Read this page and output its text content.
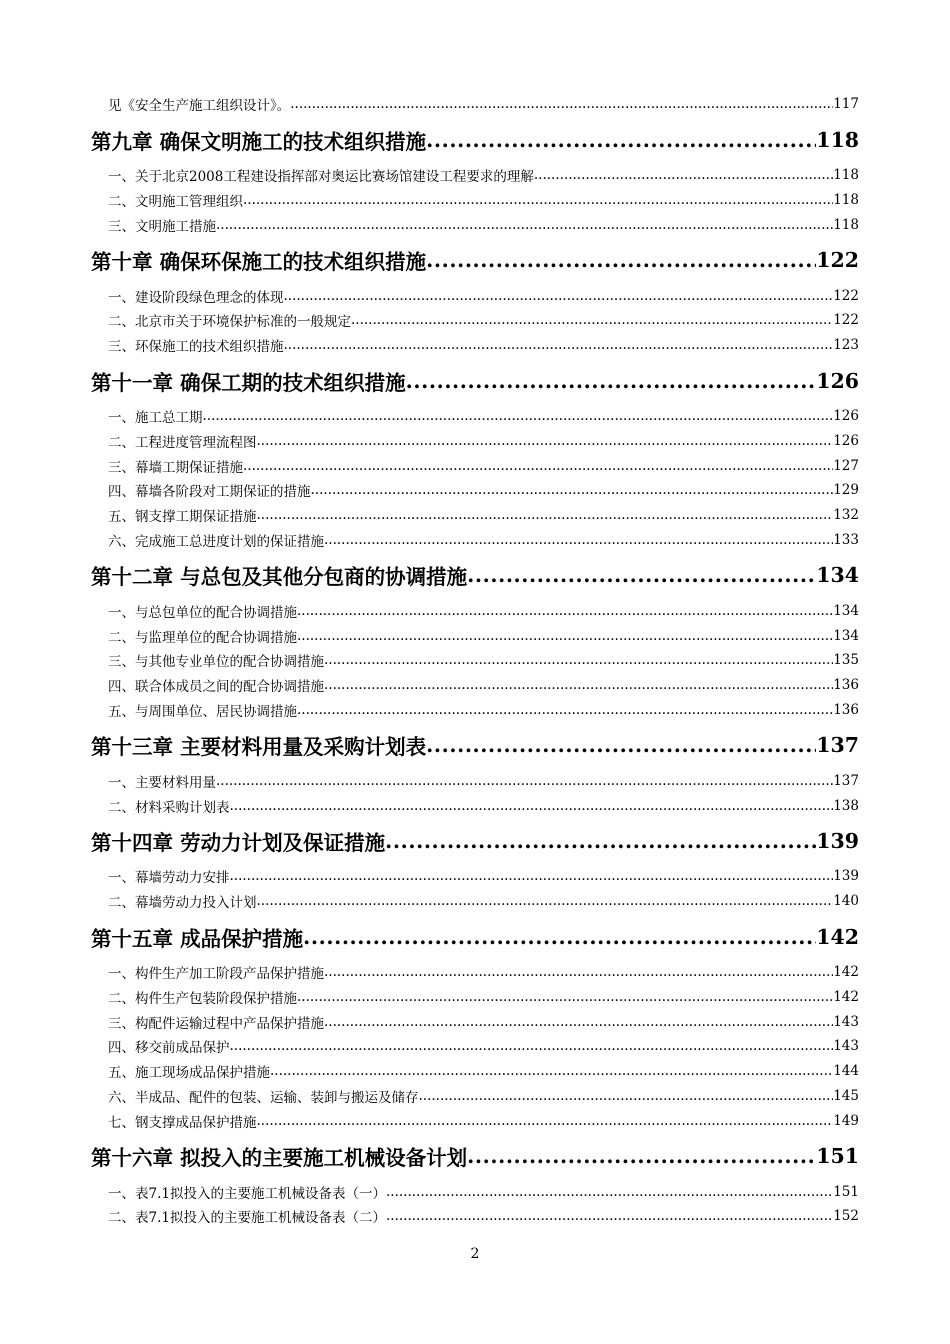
见《安全生产施工组织设计》。 .....	117
第九章 确保文明施工的技术组织措施 .....	118
一、关于北京2008工程建设指挥部对奥运比赛场馆建设工程要求的理解 .....	118
二、文明施工管理组织 .....	118
三、文明施工措施 .....	118
第十章 确保环保施工的技术组织措施 .....	122
一、建设阶段绿色理念的体现 .....	122
二、北京市关于环境保护标准的一般规定 .....	122
三、环保施工的技术组织措施 .....	123
第十一章 确保工期的技术组织措施 .....	126
一、施工总工期 .....	126
二、工程进度管理流程图 .....	126
三、幕墙工期保证措施 .....	127
四、幕墙各阶段对工期保证的措施 .....	129
五、钢支撑工期保证措施 .....	132
六、完成施工总进度计划的保证措施 .....	133
第十二章 与总包及其他分包商的协调措施 .....	134
一、与总包单位的配合协调措施 .....	134
二、与监理单位的配合协调措施 .....	134
三、与其他专业单位的配合协调措施 .....	135
四、联合体成员之间的配合协调措施 .....	136
五、与周围单位、居民协调措施 .....	136
第十三章 主要材料用量及采购计划表 .....	137
一、主要材料用量 .....	137
二、材料采购计划表 .....	138
第十四章 劳动力计划及保证措施 .....	139
一、幕墙劳动力安排 .....	139
二、幕墙劳动力投入计划 .....	140
第十五章 成品保护措施 .....	142
一、构件生产加工阶段产品保护措施 .....	142
二、构件生产包装阶段保护措施 .....	142
三、构配件运输过程中产品保护措施 .....	143
四、移交前成品保护 .....	143
五、施工现场成品保护措施 .....	144
六、半成品、配件的包装、运输、装卸与搬运及储存 .....	145
七、钢支撑成品保护措施 .....	149
第十六章 拟投入的主要施工机械设备计划 .....	151
一、表7.1拟投入的主要施工机械设备表（一） .....	151
二、表7.1拟投入的主要施工机械设备表（二） .....	152
2
